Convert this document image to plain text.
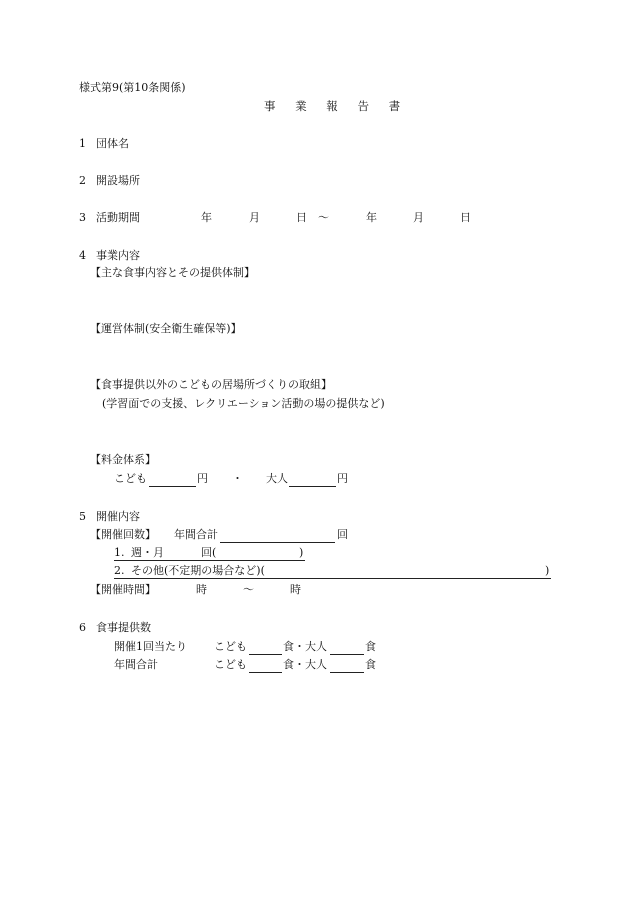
様式第9(第10条関係)
事 業 報 告 書
1 団体名
2 開設場所
3 活動期間	年	月	日 〜	年	月	日
4 事業内容
【主な食事内容とその提供体制】
【運営体制(安全衛生確保等)】
【食事提供以外のこどもの居場所づくりの取組】
(学習面での支援、レクリエーション活動の場の提供など)
【料金体系】
こども	円 ・ 大人	円
5 開催内容
【開催回数】 年間合計	回
1. 週・月	回(	)
2. その他(不定期の場合など)(	)
【開催時間】	時	〜	時
6 食事提供数
開催1回当たり こども	食・大人	食
年間合計	こども	食・大人	食
